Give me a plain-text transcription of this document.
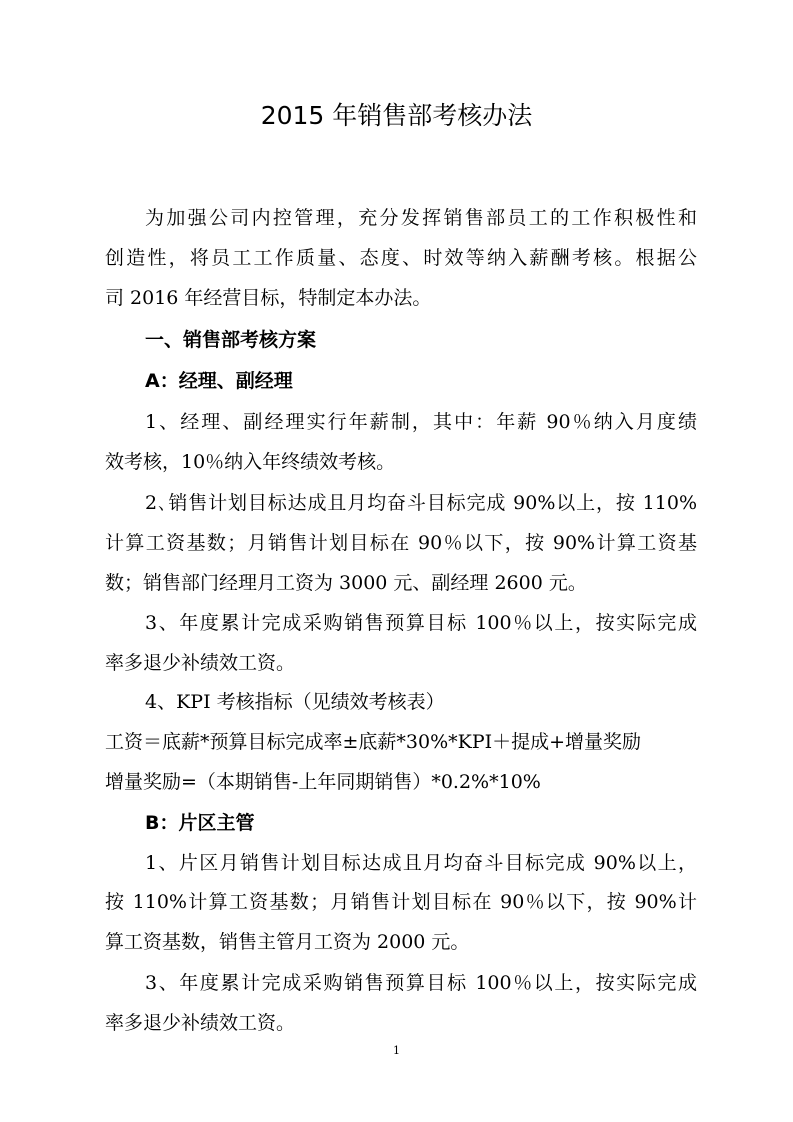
2015 年销售部考核办法
为加强公司内控管理，充分发挥销售部员工的工作积极性和
创造性，将员工工作质量、态度、时效等纳入薪酬考核。根据公
司 2016 年经营目标，特制定本办法。
一、销售部考核方案
A：经理、副经理
1、经理、副经理实行年薪制，其中：年薪 90％纳入月度绩
效考核，10％纳入年终绩效考核。
2､销售计划目标达成且月均奋斗目标完成 90%以上，按 110%
计算工资基数；月销售计划目标在 90％以下，按 90%计算工资基
数；销售部门经理月工资为 3000 元、副经理 2600 元。
3、年度累计完成采购销售预算目标 100％以上，按实际完成
率多退少补绩效工资。
4、KPI 考核指标（见绩效考核表）
工资＝底薪*预算目标完成率±底薪*30%*KPI＋提成+增量奖励
增量奖励=（本期销售-上年同期销售）*0.2%*10%
B：片区主管
1、片区月销售计划目标达成且月均奋斗目标完成 90%以上，
按 110%计算工资基数；月销售计划目标在 90％以下，按 90%计
算工资基数，销售主管月工资为 2000 元。
3、年度累计完成采购销售预算目标 100％以上，按实际完成
率多退少补绩效工资。
1
